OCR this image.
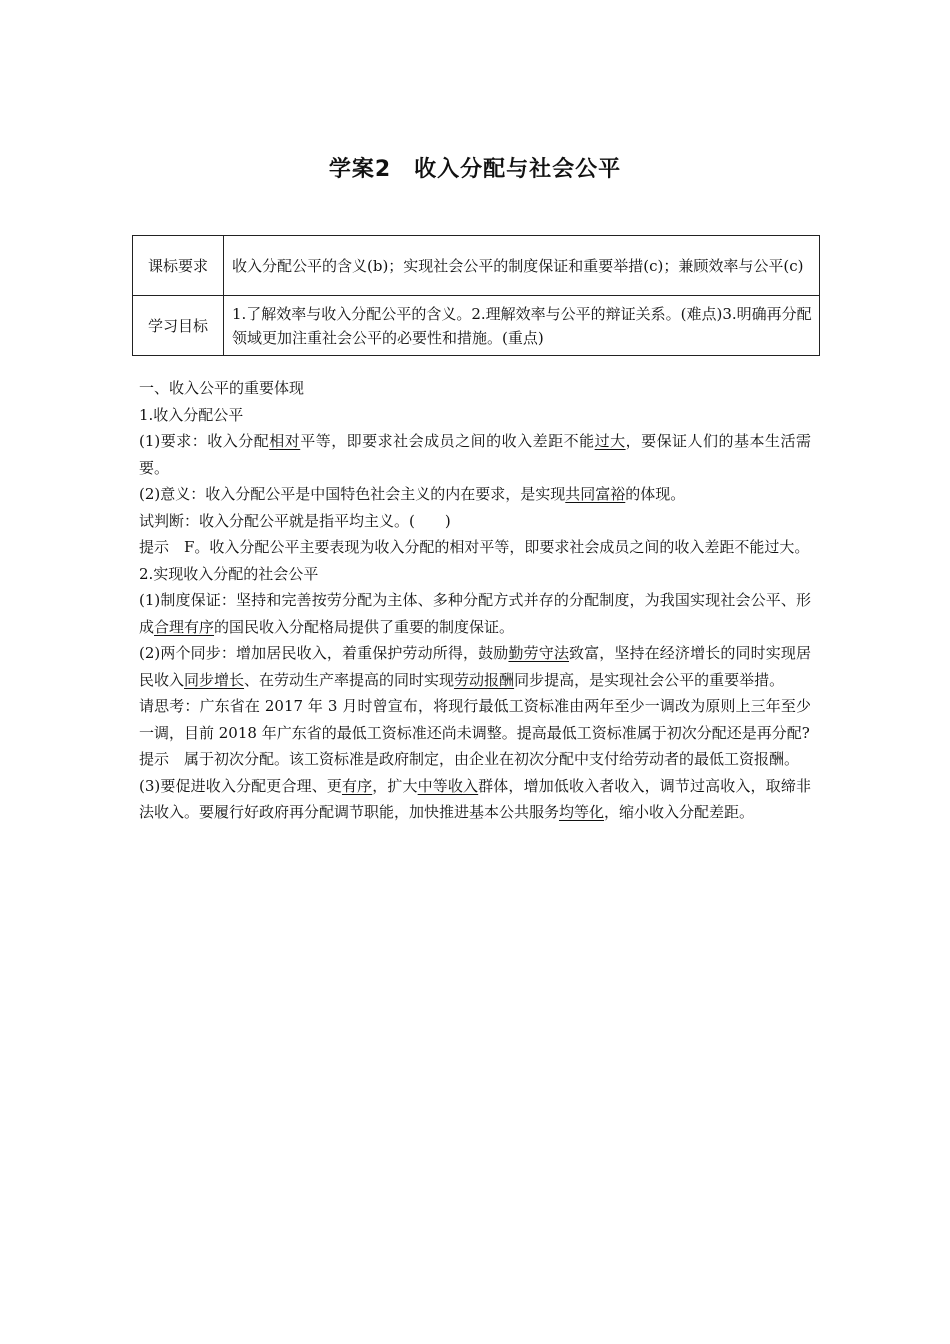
学案2　收入分配与社会公平
课标要求	收入分配公平的含义(b)；实现社会公平的制度保证和重要举措(c)；兼顾效率与公平(c)
学习目标	1.了解效率与收入分配公平的含义。2.理解效率与公平的辩证关系。(难点)3.明确再分配领域更加注重社会公平的必要性和措施。(重点)

一、收入公平的重要体现

1.收入分配公平

(1)要求：收入分配相对平等，即要求社会成员之间的收入差距不能过大，要保证人们的基本生活需要。

(2)意义：收入分配公平是中国特色社会主义的内在要求，是实现共同富裕的体现。

试判断：收入分配公平就是指平均主义。(　　)

提示　F。收入分配公平主要表现为收入分配的相对平等，即要求社会成员之间的收入差距不能过大。

2.实现收入分配的社会公平

(1)制度保证：坚持和完善按劳分配为主体、多种分配方式并存的分配制度，为我国实现社会公平、形成合理有序的国民收入分配格局提供了重要的制度保证。

(2)两个同步：增加居民收入，着重保护劳动所得，鼓励勤劳守法致富，坚持在经济增长的同时实现居民收入同步增长、在劳动生产率提高的同时实现劳动报酬同步提高，是实现社会公平的重要举措。

请思考：广东省在 2017 年 3 月时曾宣布，将现行最低工资标准由两年至少一调改为原则上三年至少一调，目前 2018 年广东省的最低工资标准还尚未调整。提高最低工资标准属于初次分配还是再分配?

提示　属于初次分配。该工资标准是政府制定，由企业在初次分配中支付给劳动者的最低工资报酬。

(3)要促进收入分配更合理、更有序，扩大中等收入群体，增加低收入者收入，调节过高收入，取缔非法收入。要履行好政府再分配调节职能，加快推进基本公共服务均等化，缩小收入分配差距。
